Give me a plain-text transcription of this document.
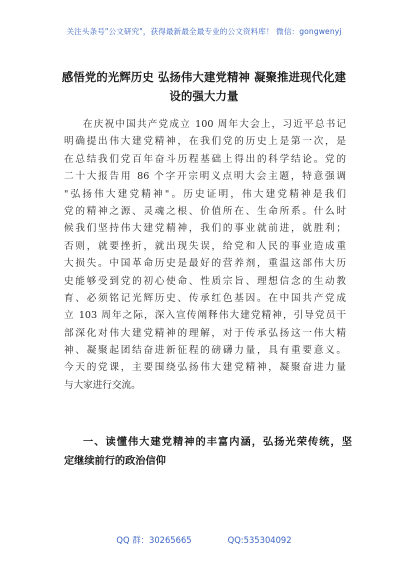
关注头条号"公文研究"，获得最新最全最专业的公文资料库！ 微信：gongwenyj
感悟党的光辉历史 弘扬伟大建党精神 凝聚推进现代化建
设的强大力量
在庆祝中国共产党成立 100 周年大会上，习近平总书记
明确提出伟大建党精神，在我们党的历史上是第一次，是
在总结我们党百年奋斗历程基础上得出的科学结论。党的
二十大报告用 86 个字开宗明义点明大会主题，特意强调
"弘扬伟大建党精神"。历史证明，伟大建党精神是我们
党的精神之源、灵魂之根、价值所在、生命所系。什么时
候我们坚持伟大建党精神，我们的事业就前进，就胜利；
否则，就要挫折，就出现失误，给党和人民的事业造成重
大损失。中国革命历史是最好的营养剂，重温这部伟大历
史能够受到党的初心使命、性质宗旨、理想信念的生动教
育、必须铭记光辉历史、传承红色基因。在中国共产党成
立 103 周年之际，深入宣传阐释伟大建党精神，引导党员干
部深化对伟大建党精神的理解，对于传承弘扬这一伟大精
神、凝聚起团结奋进新征程的磅礴力量，具有重要意义。
今天的党课，主要围绕弘扬伟大建党精神，凝聚奋进力量
与大家进行交流。
一、读懂伟大建党精神的丰富内涵，弘扬光荣传统，坚
定继续前行的政治信仰
QQ 群：30265665	QQ:535304092
